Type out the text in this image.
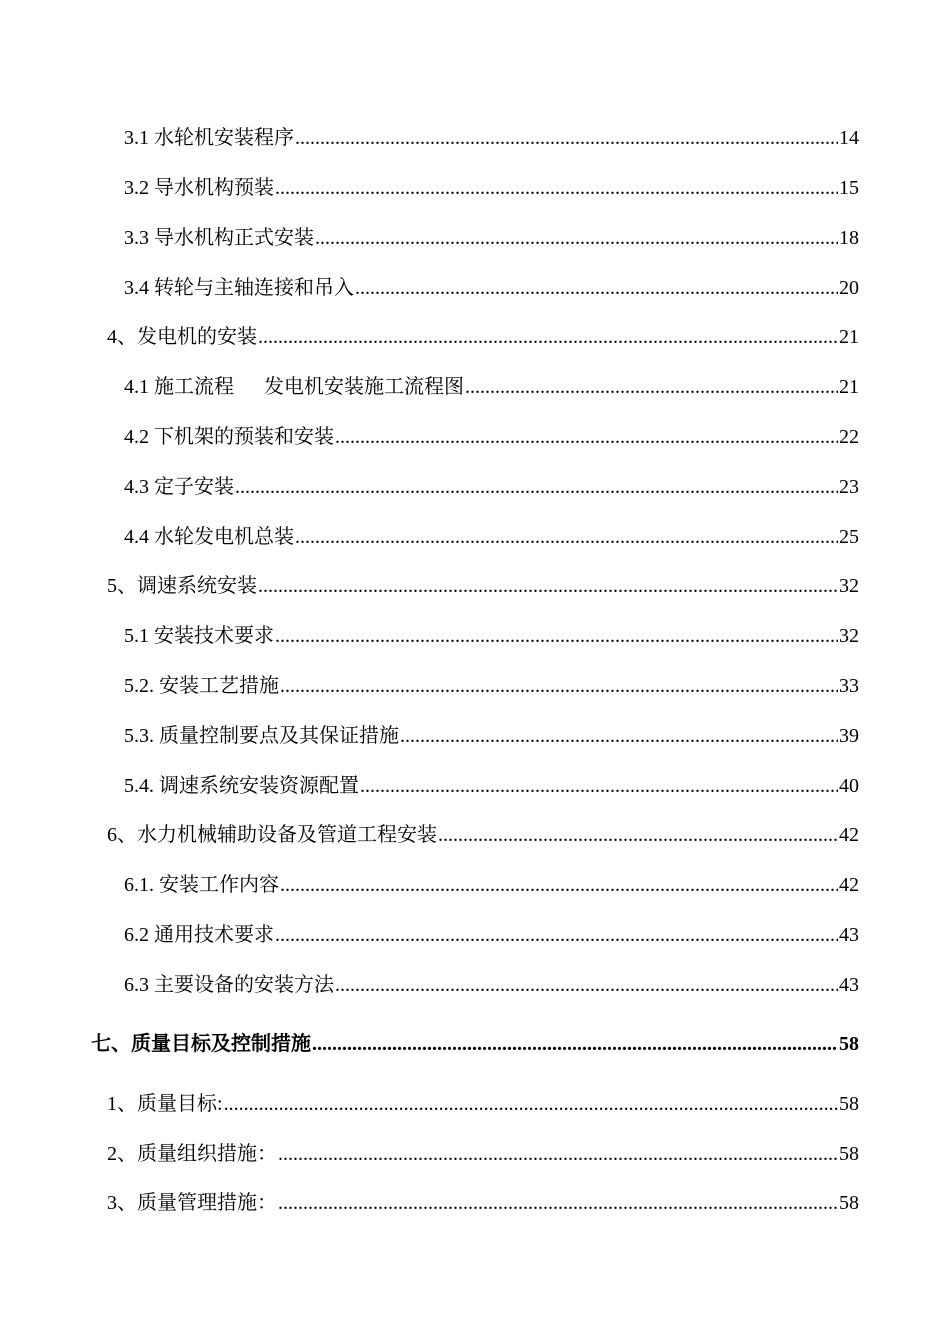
3.1 水轮机安装程序 .....	14
3.2 导水机构预装 .....	15
3.3 导水机构正式安装 .....	18
3.4 转轮与主轴连接和吊入 .....	20
4、发电机的安装 .....	21
4.1 施工流程　  发电机安装施工流程图 .....	21
4.2 下机架的预装和安装 .....	22
4.3 定子安装 .....	23
4.4 水轮发电机总装 .....	25
5、调速系统安装 .....	32
5.1 安装技术要求 .....	32
5.2. 安装工艺措施 .....	33
5.3. 质量控制要点及其保证措施 .....	39
5.4. 调速系统安装资源配置 .....	40
6、水力机械辅助设备及管道工程安装 .....	42
6.1. 安装工作内容 .....	42
6.2 通用技术要求 .....	43
6.3 主要设备的安装方法 .....	43
七、质量目标及控制措施 .....	58
1、质量目标: .....	58
2、质量组织措施： .....	58
3、质量管理措施： .....	58
